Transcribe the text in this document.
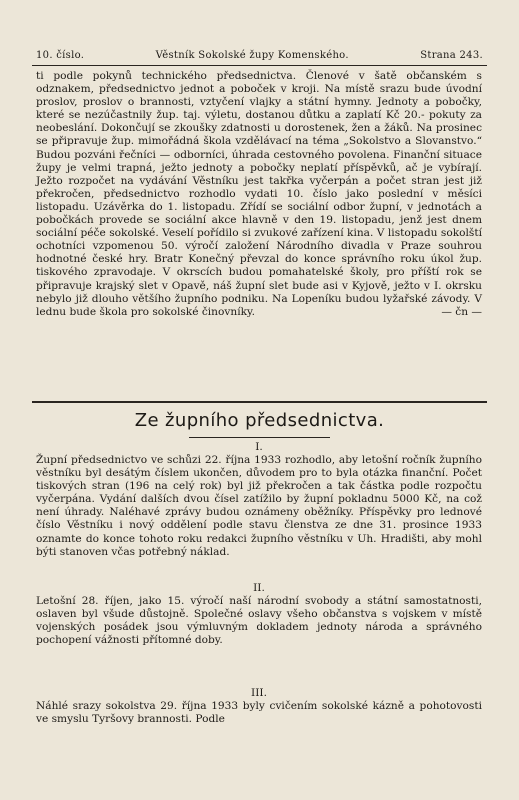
10. číslo.	Věstník Sokolské župy Komenského.	Strana 243.

ti podle pokynů technického předsednictva. Členové v šatě občanském s odznakem, předsednictvo jednot a poboček v kroji. Na místě srazu bude úvodní proslov, proslov o brannosti, vztyčení vlajky a státní hymny. Jednoty a pobočky, které se nezúčastnily žup. taj. výletu, dostanou důtku a zaplatí Kč 20.- pokuty za neobeslání. Dokončují se zkoušky zdatnosti u dorostenek, žen a žáků. Na prosinec se připravuje žup. mimořádná škola vzdělávací na téma „Sokolstvo a Slovanstvo.“ Budou pozváni řečníci — odborníci, úhrada cestovného povolena. Finanční situace župy je velmi trapná, ježto jednoty a pobočky neplatí příspěvků, ač je vybírají. Ježto rozpočet na vydávání Věstníku jest takřka vyčerpán a počet stran jest již překročen, předsednictvo rozhodlo vydati 10. číslo jako poslední v měsíci listopadu. Uzávěrka do 1. listopadu. Zřídí se sociální odbor župní, v jednotách a pobočkách provede se sociální akce hlavně v den 19. listopadu, jenž jest dnem sociální péče sokolské. Veselí pořídilo si zvukové zařízení kina. V listopadu sokolští ochotníci vzpomenou 50. výročí založení Národního divadla v Praze souhrou hodnotné české hry. Bratr Konečný převzal do konce správního roku úkol žup. tiskového zpravodaje. V okrscích budou pomahatelské školy, pro příští rok se připravuje krajský slet v Opavě, náš župní slet bude asi v Kyjově, ježto v I. okrsku nebylo již dlouho většího župního podniku. Na Lopeníku budou lyžařské závody. V lednu bude škola pro sokolské činovníky.	— čn —

Ze župního předsednictva.

I.

Župní předsednictvo ve schůzi 22. října 1933 rozhodlo, aby letošní ročník župního věstníku byl desátým číslem ukončen, důvodem pro to byla otázka finanční. Počet tiskových stran (196 na celý rok) byl již překročen a tak částka podle rozpočtu vyčerpána. Vydání dalších dvou čísel zatížilo by župní pokladnu 5000 Kč, na což není úhrady. Naléhavé zprávy budou oznámeny oběžníky. Příspěvky pro lednové číslo Věstníku i nový oddělení podle stavu členstva ze dne 31. prosince 1933 oznamte do konce tohoto roku redakci župního věstníku v Uh. Hradišti, aby mohl býti stanoven včas potřebný náklad.

II.

Letošní 28. říjen, jako 15. výročí naší národní svobody a státní samostatnosti, oslaven byl všude důstojně. Společné oslavy všeho občanstva s vojskem v místě vojenských posádek jsou výmluvným dokladem jednoty národa a správného pochopení vážnosti přítomné doby.

III.

Náhlé srazy sokolstva 29. října 1933 byly cvičením sokolské kázně a pohotovosti ve smyslu Tyršovy brannosti. Podle
